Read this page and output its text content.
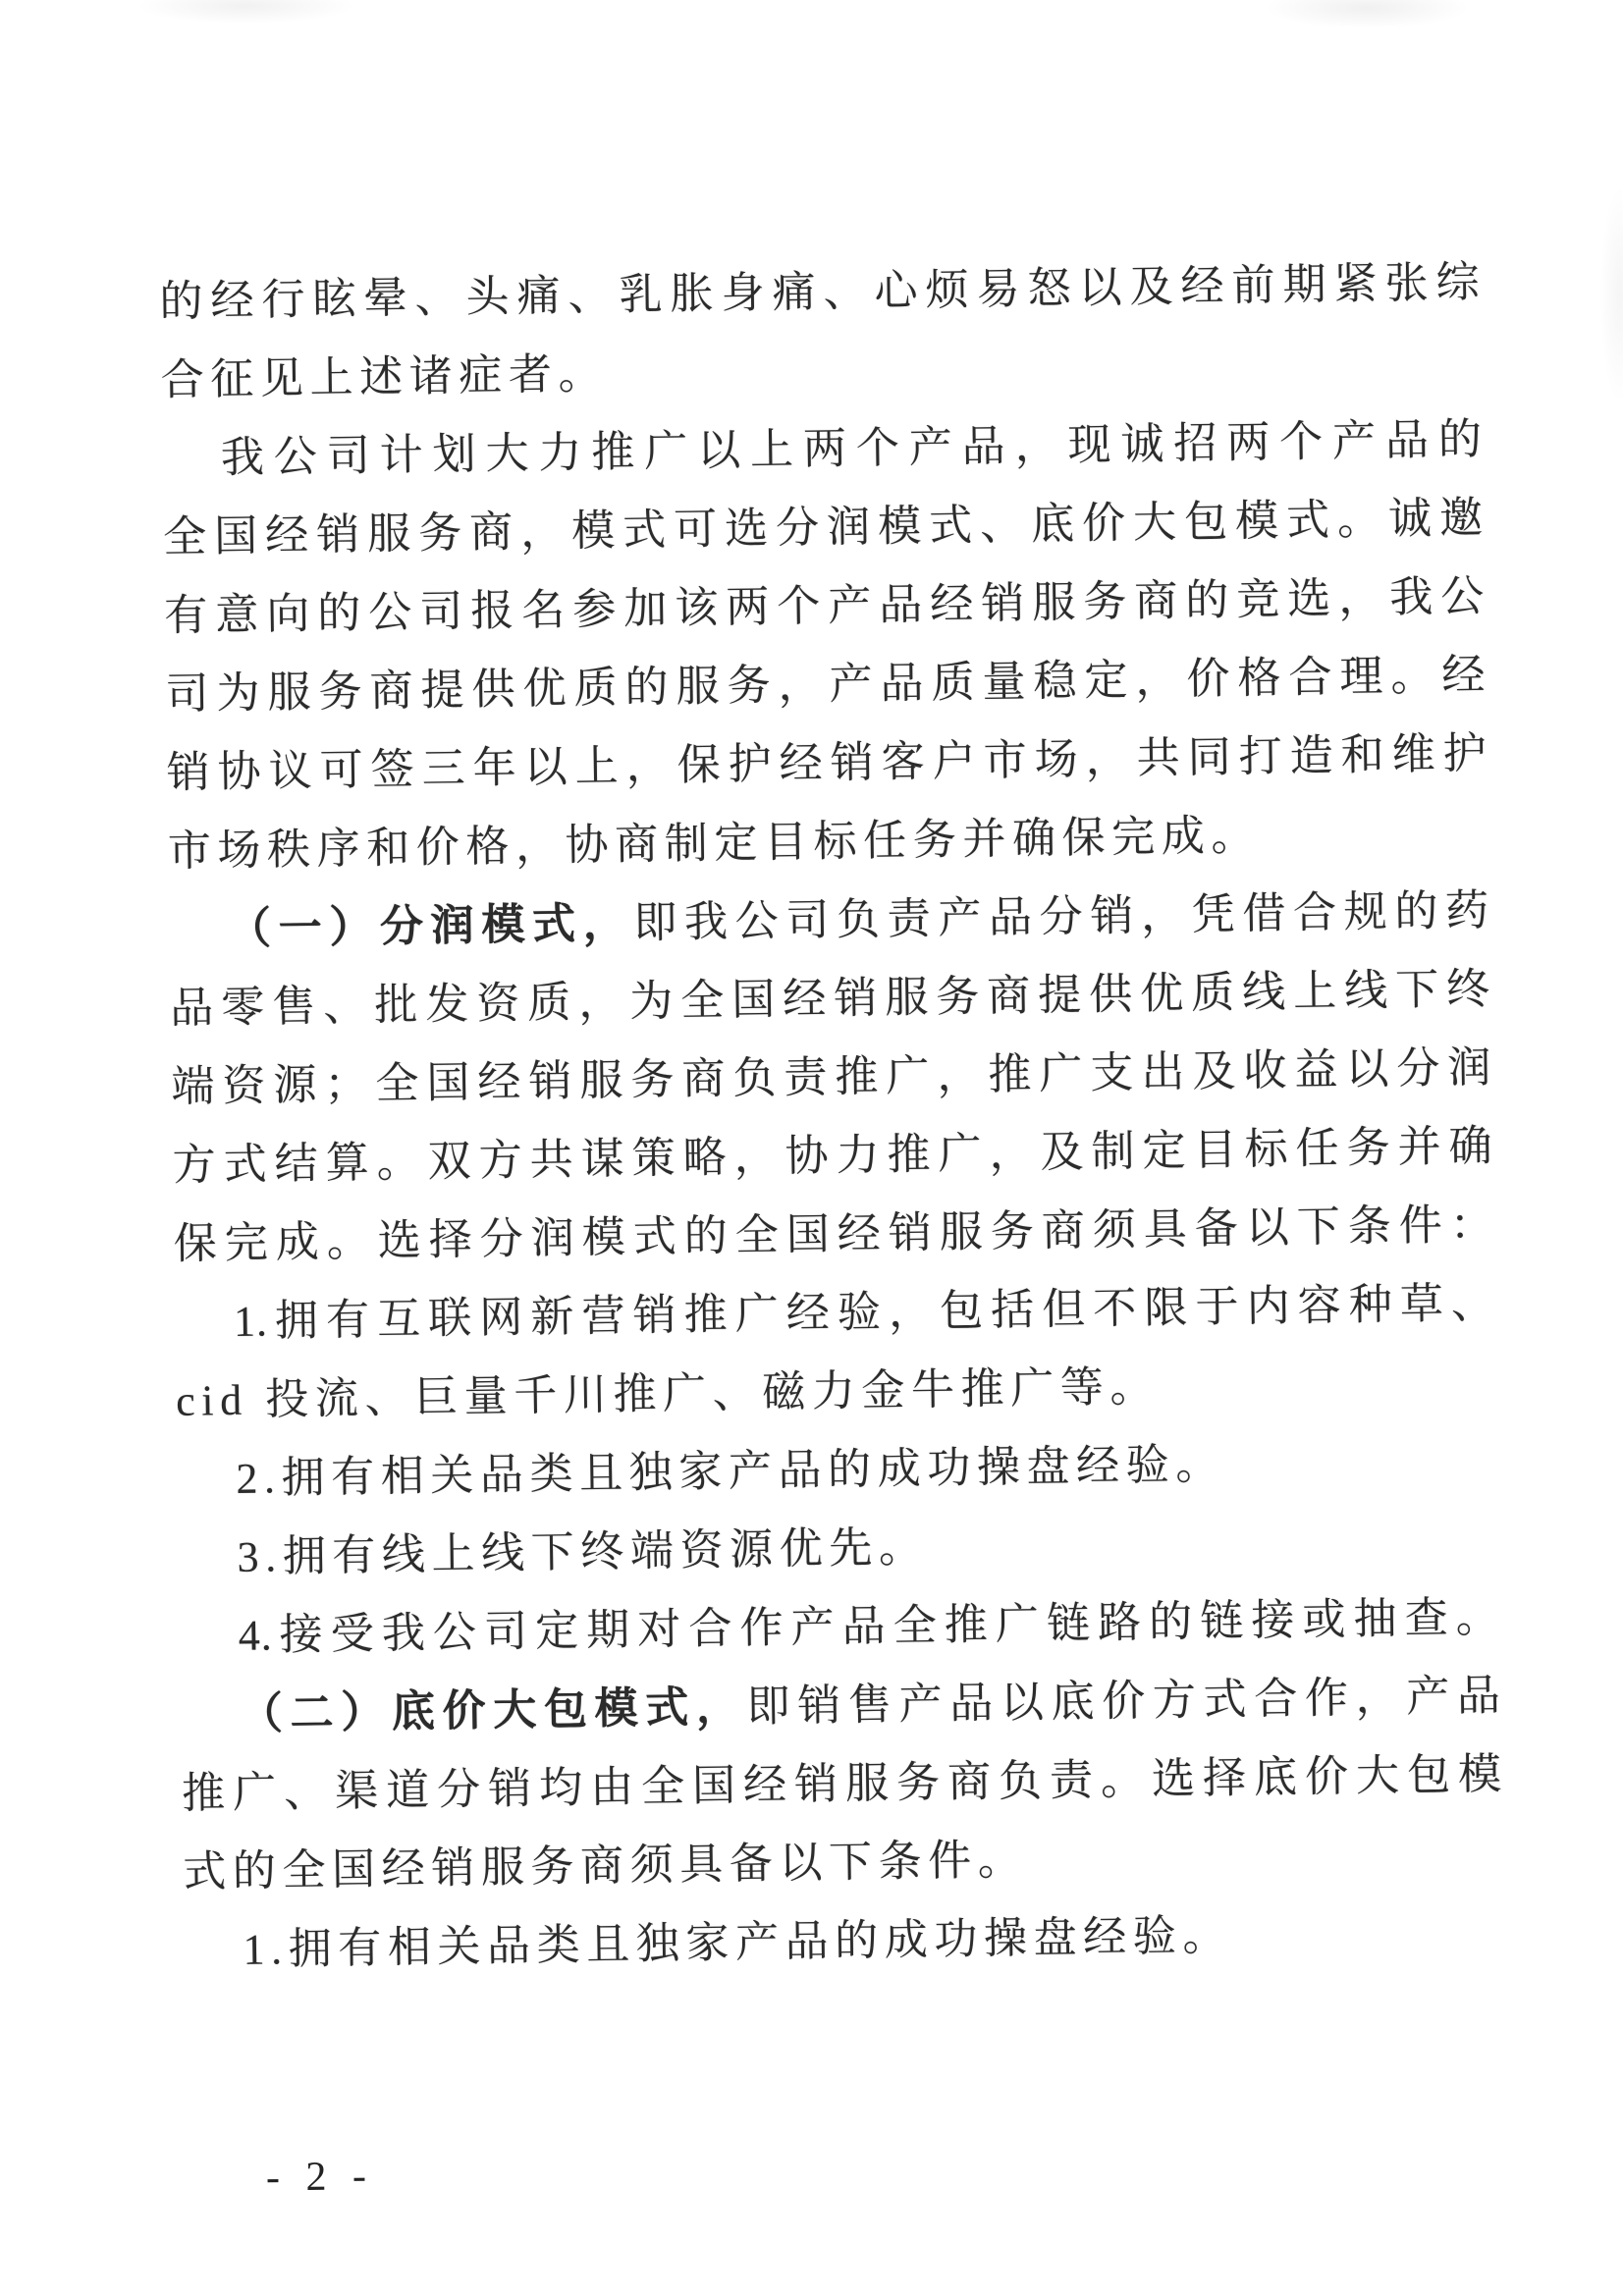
的经行眩晕、头痛、乳胀身痛、心烦易怒以及经前期紧张综
合征见上述诸症者。
我公司计划大力推广以上两个产品，现诚招两个产品的
全国经销服务商，模式可选分润模式、底价大包模式。诚邀
有意向的公司报名参加该两个产品经销服务商的竞选，我公
司为服务商提供优质的服务，产品质量稳定，价格合理。经
销协议可签三年以上，保护经销客户市场，共同打造和维护
市场秩序和价格，协商制定目标任务并确保完成。
（一）分润模式，即我公司负责产品分销，凭借合规的药
品零售、批发资质，为全国经销服务商提供优质线上线下终
端资源；全国经销服务商负责推广，推广支出及收益以分润
方式结算。双方共谋策略，协力推广，及制定目标任务并确
保完成。选择分润模式的全国经销服务商须具备以下条件：
1.拥有互联网新营销推广经验，包括但不限于内容种草、
cid 投流、巨量千川推广、磁力金牛推广等。
2.拥有相关品类且独家产品的成功操盘经验。
3.拥有线上线下终端资源优先。
4.接受我公司定期对合作产品全推广链路的链接或抽查。
（二）底价大包模式，即销售产品以底价方式合作，产品
推广、渠道分销均由全国经销服务商负责。选择底价大包模
式的全国经销服务商须具备以下条件。
1.拥有相关品类且独家产品的成功操盘经验。
- 2 -
